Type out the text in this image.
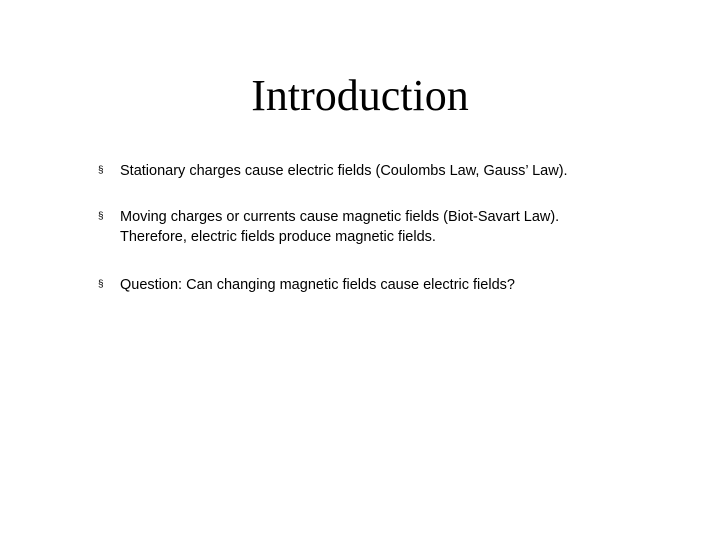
Introduction
§ Stationary charges cause electric fields (Coulombs Law, Gauss’ Law).
§ Moving charges or currents cause magnetic fields (Biot-Savart Law).
Therefore, electric fields produce magnetic fields.
§ Question: Can changing magnetic fields cause electric fields?
